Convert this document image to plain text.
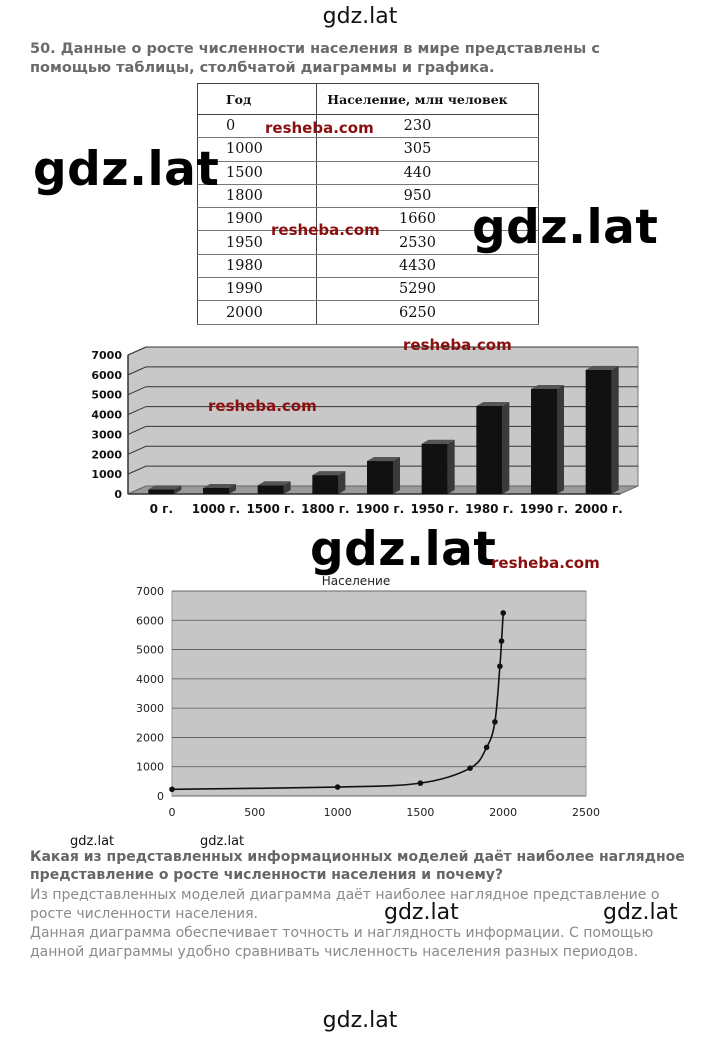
gdz.lat
50. Данные о росте численности населения в мире представлены с помощью таблицы, столбчатой диаграммы и графика.
Год	Население, млн человек
0	230
1000	305
1500	440
1800	950
1900	1660
1950	2530
1980	4430
1990	5290
2000	6250
0
1000
2000
3000
4000
5000
6000
7000
0 г. 1000 г. 1500 г. 1800 г. 1900 г. 1950 г. 1980 г. 1990 г. 2000 г.
Население
0
1000
2000
3000
4000
5000
6000
7000
0	500	1000	1500	2000	2500
gdz.lat
gdz.lat
gdz.lat
resheba.com
resheba.com
resheba.com
resheba.com
resheba.com
Какая из представленных информационных моделей даёт наиболее наглядное представление о росте численности населения и почему?
Из представленных моделей диаграмма даёт наиболее наглядное представление о росте численности населения.
Данная диаграмма обеспечивает точность и наглядность информации. С помощью данной диаграммы удобно сравнивать численность населения разных периодов.
gdz.lat	gdz.lat
gdz.lat	gdz.lat
gdz.lat
